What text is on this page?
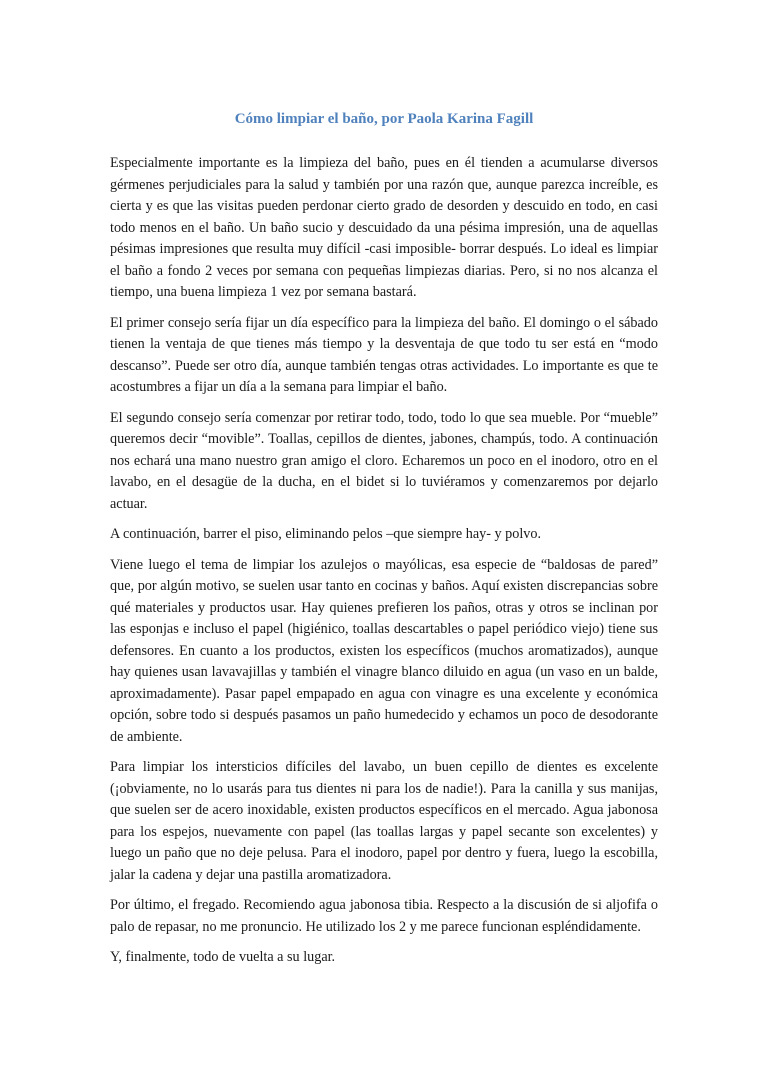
Cómo limpiar el baño, por Paola Karina Fagill

Especialmente importante es la limpieza del baño, pues en él tienden a acumularse diversos gérmenes perjudiciales para la salud y también por una razón que, aunque parezca increíble, es cierta y es que las visitas pueden perdonar cierto grado de desorden y descuido en todo, en casi todo menos en el baño. Un baño sucio y descuidado da una pésima impresión, una de aquellas pésimas impresiones que resulta muy difícil -casi imposible- borrar después. Lo ideal es limpiar el baño a fondo 2 veces por semana con pequeñas limpiezas diarias. Pero, si no nos alcanza el tiempo, una buena limpieza 1 vez por semana bastará.

El primer consejo sería fijar un día específico para la limpieza del baño. El domingo o el sábado tienen la ventaja de que tienes más tiempo y la desventaja de que todo tu ser está en “modo descanso”. Puede ser otro día, aunque también tengas otras actividades. Lo importante es que te acostumbres a fijar un día a la semana para limpiar el baño.

El segundo consejo sería comenzar por retirar todo, todo, todo lo que sea mueble. Por “mueble” queremos decir “movible”. Toallas, cepillos de dientes, jabones, champús, todo. A continuación nos echará una mano nuestro gran amigo el cloro. Echaremos un poco en el inodoro, otro en el lavabo, en el desagüe de la ducha, en el bidet si lo tuviéramos y comenzaremos por dejarlo actuar.

A continuación, barrer el piso, eliminando pelos –que siempre hay- y polvo.

Viene luego el tema de limpiar los azulejos o mayólicas, esa especie de “baldosas de pared” que, por algún motivo, se suelen usar tanto en cocinas y baños. Aquí existen discrepancias sobre qué materiales y productos usar. Hay quienes prefieren los paños, otras y otros se inclinan por las esponjas e incluso el papel (higiénico, toallas descartables o papel periódico viejo) tiene sus defensores. En cuanto a los productos, existen los específicos (muchos aromatizados), aunque hay quienes usan lavavajillas y también el vinagre blanco diluido en agua (un vaso en un balde, aproximadamente). Pasar papel empapado en agua con vinagre es una excelente y económica opción, sobre todo si después pasamos un paño humedecido y echamos un poco de desodorante de ambiente.

Para limpiar los intersticios difíciles del lavabo, un buen cepillo de dientes es excelente (¡obviamente, no lo usarás para tus dientes ni para los de nadie!). Para la canilla y sus manijas, que suelen ser de acero inoxidable, existen productos específicos en el mercado. Agua jabonosa para los espejos, nuevamente con papel (las toallas largas y papel secante son excelentes) y luego un paño que no deje pelusa. Para el inodoro, papel por dentro y fuera, luego la escobilla, jalar la cadena y dejar una pastilla aromatizadora.

Por último, el fregado. Recomiendo agua jabonosa tibia. Respecto a la discusión de si aljofifa o palo de repasar, no me pronuncio. He utilizado los 2 y me parece funcionan espléndidamente.

Y, finalmente, todo de vuelta a su lugar.
